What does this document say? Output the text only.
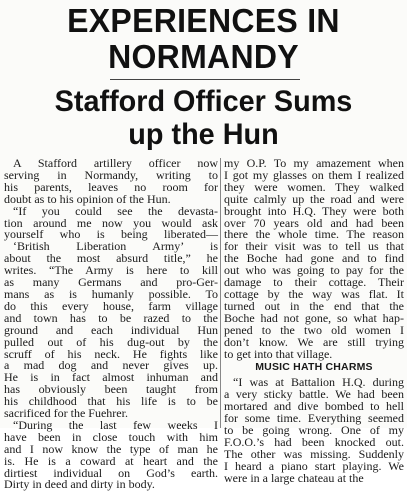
EXPERIENCES IN
NORMANDY
Stafford Officer Sums
up the Hun
A Stafford artillery officer now
serving in Normandy, writing to
his parents, leaves no room for
doubt as to his opinion of the Hun.
“If you could see the devasta-
tion around me now you would ask
yourself who is being liberated—
‘British Liberation Army’ is
about the most absurd title,” he
writes. “The Army is here to kill
as many Germans and pro-Ger-
mans as is humanly possible. To
do this every house, farm village
and town has to be razed to the
ground and each individual Hun
pulled out of his dug-out by the
scruff of his neck. He fights like
a mad dog and never gives up.
He is in fact almost inhuman and
has obviously been taught from
his childhood that his life is to be
sacrificed for the Fuehrer.
“During the last few weeks I
have been in close touch with him
and I now know the type of man he
is. He is a coward at heart and the
dirtiest individual on God’s earth.
Dirty in deed and dirty in body.
my O.P. To my amazement when
I got my glasses on them I realized
they were women. They walked
quite calmly up the road and were
brought into H.Q. They were both
over 70 years old and had been
there the whole time. The reason
for their visit was to tell us that
the Boche had gone and to find
out who was going to pay for the
damage to their cottage. Their
cottage by the way was flat. It
turned out in the end that the
Boche had not gone, so what hap-
pened to the two old women I
don’t know. We are still trying
to get into that village.
MUSIC HATH CHARMS
“I was at Battalion H.Q. during
a very sticky battle. We had been
mortared and dive bombed to hell
for some time. Everything seemed
to be going wrong. One of my
F.O.O.’s had been knocked out.
The other was missing. Suddenly
I heard a piano start playing. We
were in a large chateau at the
